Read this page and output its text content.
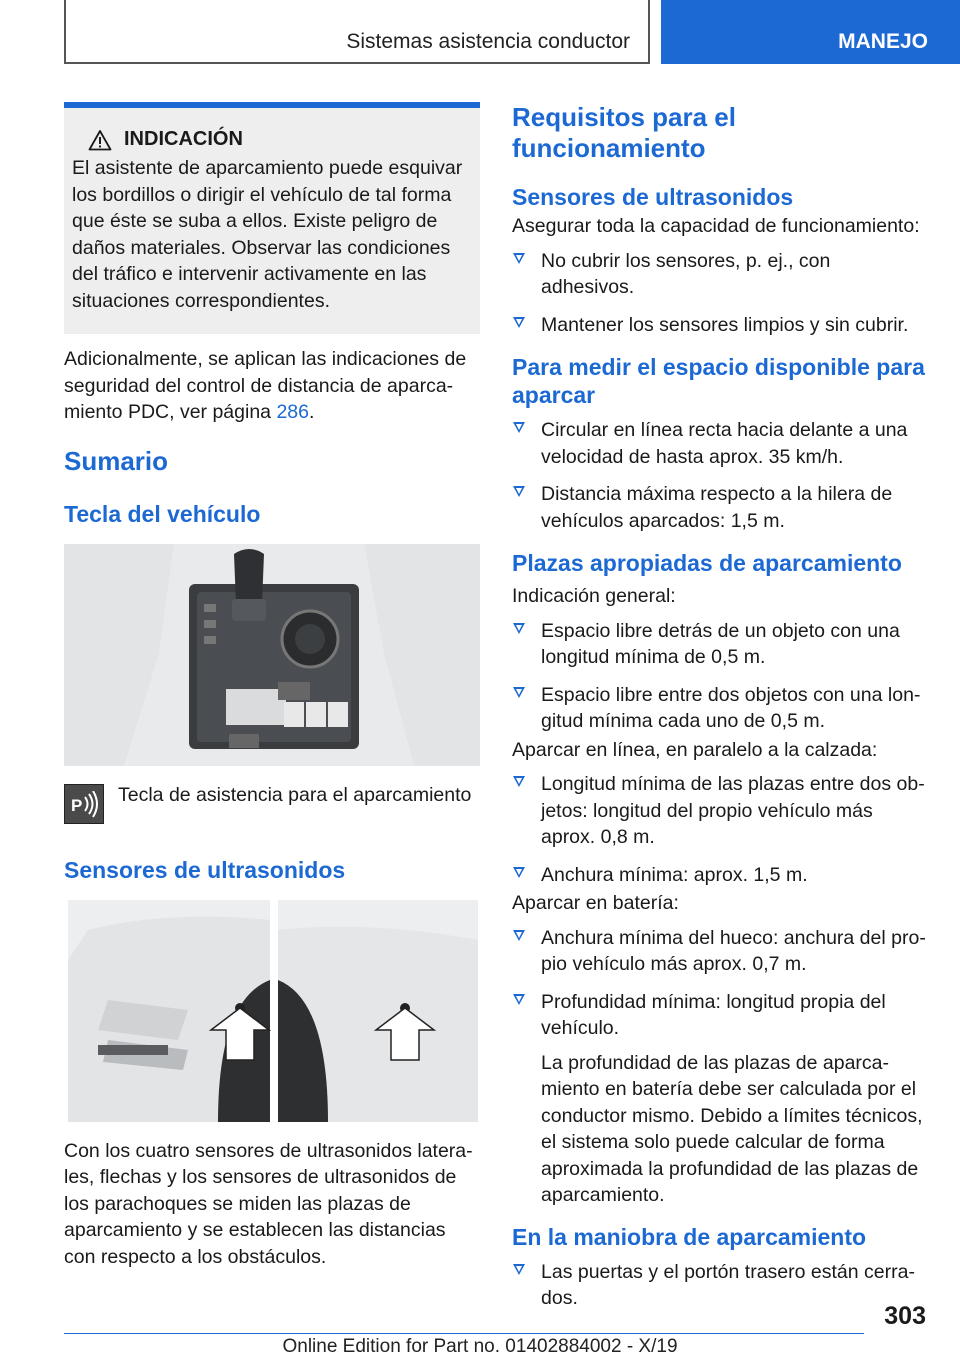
Sistemas asistencia conductor	MANEJO
INDICACIÓN

El asistente de aparcamiento puede esquivar los bordillos o dirigir el vehículo de tal forma que éste se suba a ellos. Existe peligro de daños materiales. Observar las condiciones del tráfico e intervenir activamente en las situaciones correspondientes.

Adicionalmente, se aplican las indicaciones de seguridad del control de distancia de aparcamiento PDC, ver página 286.

Sumario
Tecla del vehículo
P Tecla de asistencia para el aparcamiento

Sensores de ultrasonidos

Con los cuatro sensores de ultrasonidos laterales, flechas y los sensores de ultrasonidos de los parachoques se miden las plazas de aparcamiento y se establecen las distancias con respecto a los obstáculos.

Requisitos para el funcionamiento
Sensores de ultrasonidos

Asegurar toda la capacidad de funcionamiento:

No cubrir los sensores, p. ej., con adhesivos.
Mantener los sensores limpios y sin cubrir.
Para medir el espacio disponible para aparcar
Circular en línea recta hacia delante a una velocidad de hasta aprox. 35 km/h.
Distancia máxima respecto a la hilera de vehículos aparcados: 1,5 m.
Plazas apropiadas de aparcamiento

Indicación general:

Espacio libre detrás de un objeto con una longitud mínima de 0,5 m.
Espacio libre entre dos objetos con una longitud mínima cada uno de 0,5 m.

Aparcar en línea, en paralelo a la calzada:

Longitud mínima de las plazas entre dos objetos: longitud del propio vehículo más aprox. 0,8 m.
Anchura mínima: aprox. 1,5 m.

Aparcar en batería:

Anchura mínima del hueco: anchura del propio vehículo más aprox. 0,7 m.
Profundidad mínima: longitud propia del vehículo.
La profundidad de las plazas de aparcamiento en batería debe ser calculada por el conductor mismo. Debido a límites técnicos, el sistema solo puede calcular de forma aproximada la profundidad de las plazas de aparcamiento.
En la maniobra de aparcamiento
Las puertas y el portón trasero están cerrados.
303
Online Edition for Part no. 01402884002 - X/19
